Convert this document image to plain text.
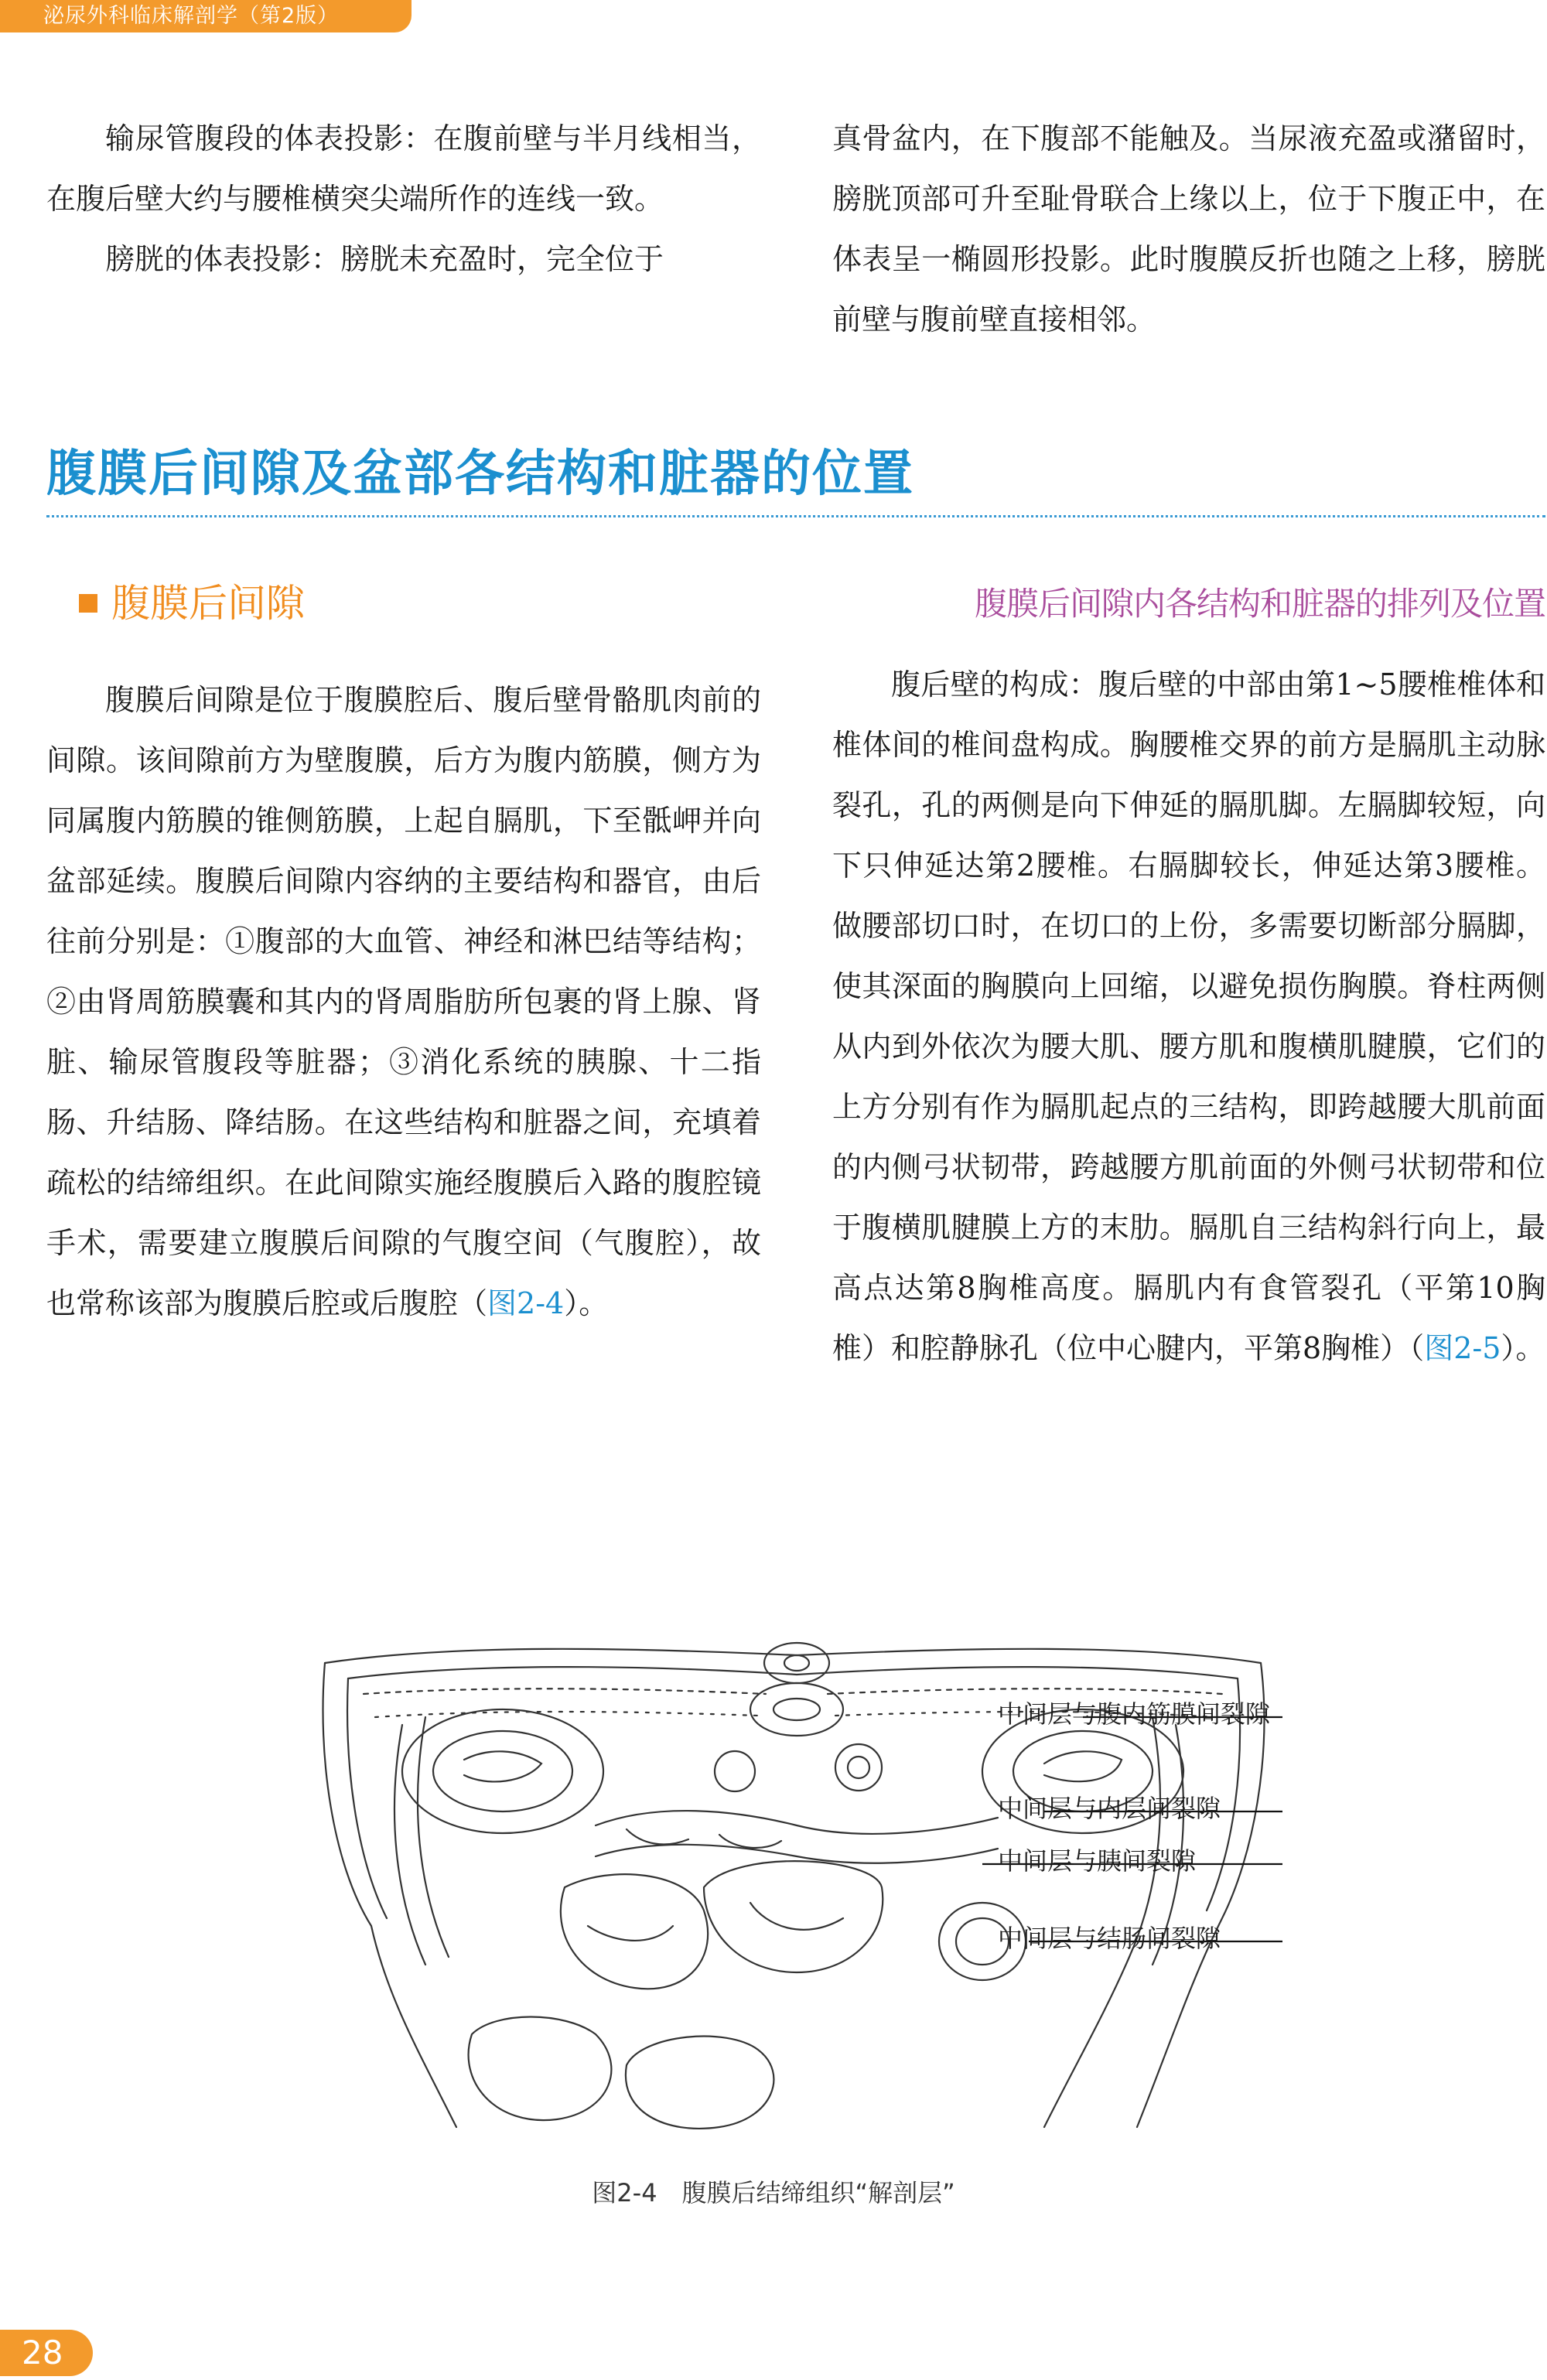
泌尿外科临床解剖学（第2版）

输尿管腹段的体表投影：在腹前壁与半月线相当，在腹后壁大约与腰椎横突尖端所作的连线一致。

膀胱的体表投影：膀胱未充盈时，完全位于

真骨盆内，在下腹部不能触及。当尿液充盈或潴留时，膀胱顶部可升至耻骨联合上缘以上，位于下腹正中，在体表呈一椭圆形投影。此时腹膜反折也随之上移，膀胱前壁与腹前壁直接相邻。

腹膜后间隙及盆部各结构和脏器的位置
腹膜后间隙	腹膜后间隙内各结构和脏器的排列及位置

腹膜后间隙是位于腹膜腔后、腹后壁骨骼肌肉前的间隙。该间隙前方为壁腹膜，后方为腹内筋膜，侧方为同属腹内筋膜的锥侧筋膜，上起自膈肌，下至骶岬并向盆部延续。腹膜后间隙内容纳的主要结构和器官，由后往前分别是：①腹部的大血管、神经和淋巴结等结构；②由肾周筋膜囊和其内的肾周脂肪所包裹的肾上腺、肾脏、输尿管腹段等脏器；③消化系统的胰腺、十二指肠、升结肠、降结肠。在这些结构和脏器之间，充填着疏松的结缔组织。在此间隙实施经腹膜后入路的腹腔镜手术，需要建立腹膜后间隙的气腹空间（气腹腔），故也常称该部为腹膜后腔或后腹腔（图2-4）。

腹后壁的构成：腹后壁的中部由第1~5腰椎椎体和椎体间的椎间盘构成。胸腰椎交界的前方是膈肌主动脉裂孔，孔的两侧是向下伸延的膈肌脚。左膈脚较短，向下只伸延达第2腰椎。右膈脚较长，伸延达第3腰椎。做腰部切口时，在切口的上份，多需要切断部分膈脚，使其深面的胸膜向上回缩，以避免损伤胸膜。脊柱两侧从内到外依次为腰大肌、腰方肌和腹横肌腱膜，它们的上方分别有作为膈肌起点的三结构，即跨越腰大肌前面的内侧弓状韧带，跨越腰方肌前面的外侧弓状韧带和位于腹横肌腱膜上方的末肋。膈肌自三结构斜行向上，最高点达第8胸椎高度。膈肌内有食管裂孔（平第10胸椎）和腔静脉孔（位中心腱内，平第8胸椎）（图2-5）。

中间层与腹内筋膜间裂隙
中间层与内层间裂隙
中间层与胰间裂隙
中间层与结肠间裂隙
图2-4　腹膜后结缔组织“解剖层”
28
